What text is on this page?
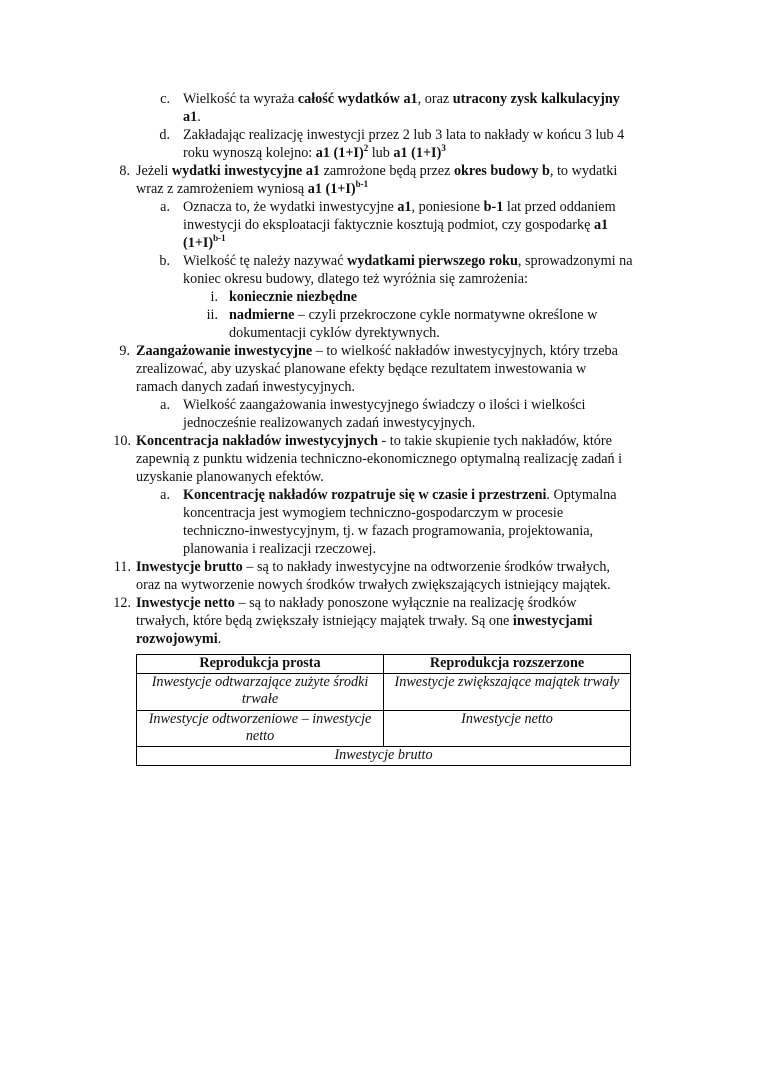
c. Wielkość ta wyraża całość wydatków a1, oraz utracony zysk kalkulacyjny
a1.
d. Zakładając realizację inwestycji przez 2 lub 3 lata to nakłady w końcu 3 lub 4
roku wynoszą kolejno: a1 $(1+I)^2$ lub a1 $(1+I)^3$
8. Jeżeli wydatki inwestycyjne a1 zamrożone będą przez okres budowy b, to wydatki
wraz z zamrożeniem wyniosą a1 $(1+I)^{b-1}$
a. Oznacza to, że wydatki inwestycyjne a1, poniesione b-1 lat przed oddaniem
inwestycji do eksploatacji faktycznie kosztują podmiot, czy gospodarkę a1
$(1+I)^{b-1}$
b. Wielkość tę należy nazywać wydatkami pierwszego roku, sprowadzonymi na
koniec okresu budowy, dlatego też wyróżnia się zamrożenia:
i. koniecznie niezbędne
ii. nadmierne – czyli przekroczone cykle normatywne określone w
dokumentacji cyklów dyrektywnych.
9. Zaangażowanie inwestycyjne – to wielkość nakładów inwestycyjnych, który trzeba
zrealizować, aby uzyskać planowane efekty będące rezultatem inwestowania w
ramach danych zadań inwestycyjnych.
a. Wielkość zaangażowania inwestycyjnego świadczy o ilości i wielkości
jednocześnie realizowanych zadań inwestycyjnych.
10. Koncentracja nakładów inwestycyjnych - to takie skupienie tych nakładów, które
zapewnią z punktu widzenia techniczno-ekonomicznego optymalną realizację zadań i
uzyskanie planowanych efektów.
a. Koncentrację nakładów rozpatruje się w czasie i przestrzeni. Optymalna
koncentracja jest wymogiem techniczno-gospodarczym w procesie
techniczno-inwestycyjnym, tj. w fazach programowania, projektowania,
planowania i realizacji rzeczowej.
11. Inwestycje brutto – są to nakłady inwestycyjne na odtworzenie środków trwałych,
oraz na wytworzenie nowych środków trwałych zwiększających istniejący majątek.
12. Inwestycje netto – są to nakłady ponoszone wyłącznie na realizację środków
trwałych, które będą zwiększały istniejący majątek trwały. Są one inwestycjami
rozwojowymi.
Reprodukcja prosta	Reprodukcja rozszerzone
Inwestycje odtwarzające zużyte środki trwałe	Inwestycje zwiększające majątek trwały
Inwestycje odtworzeniowe – inwestycje netto	Inwestycje netto
Inwestycje brutto	
